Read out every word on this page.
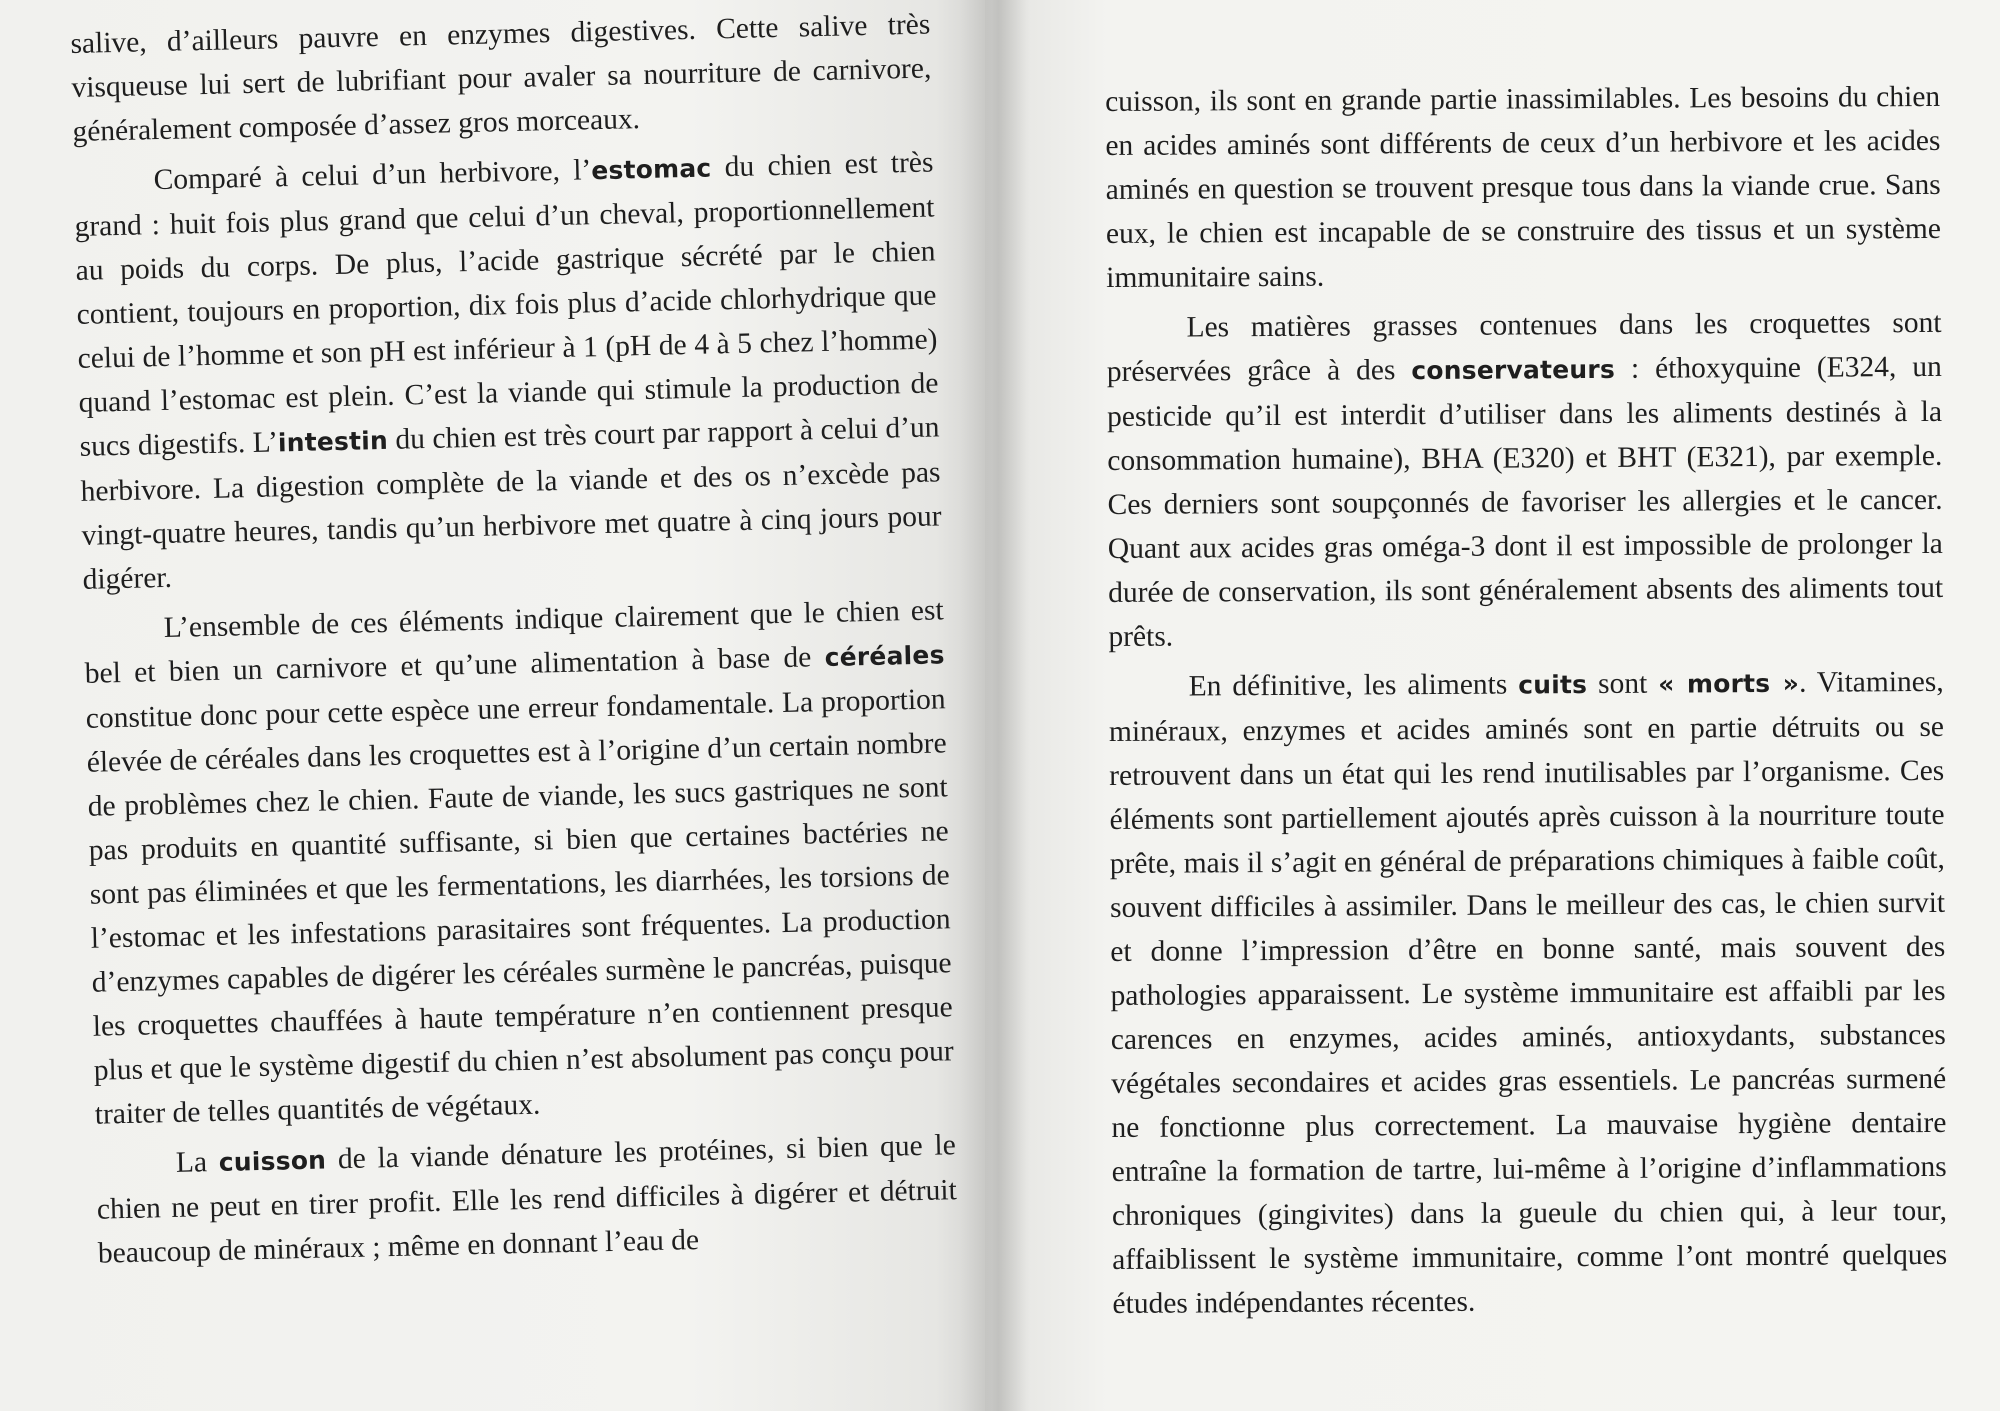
salive, d’ailleurs pauvre en enzymes digestives. Cette salive très visqueuse lui sert de lubrifiant pour avaler sa nourriture de carnivore, généralement composée d’assez gros morceaux.

Comparé à celui d’un herbivore, l’estomac du chien est très grand : huit fois plus grand que celui d’un cheval, proportionnellement au poids du corps. De plus, l’acide gastrique sécrété par le chien contient, toujours en proportion, dix fois plus d’acide chlorhydrique que celui de l’homme et son pH est inférieur à 1 (pH de 4 à 5 chez l’homme) quand l’estomac est plein. C’est la viande qui stimule la production de sucs digestifs. L’intestin du chien est très court par rapport à celui d’un herbivore. La digestion complète de la viande et des os n’excède pas vingt-quatre heures, tandis qu’un herbivore met quatre à cinq jours pour digérer.

L’ensemble de ces éléments indique clairement que le chien est bel et bien un carnivore et qu’une alimentation à base de céréales constitue donc pour cette espèce une erreur fondamentale. La proportion élevée de céréales dans les croquettes est à l’origine d’un certain nombre de problèmes chez le chien. Faute de viande, les sucs gastriques ne sont pas produits en quantité suffisante, si bien que certaines bactéries ne sont pas éliminées et que les fermentations, les diarrhées, les torsions de l’estomac et les infestations parasitaires sont fréquentes. La production d’enzymes capables de digérer les céréales surmène le pancréas, puisque les croquettes chauffées à haute température n’en contiennent presque plus et que le système digestif du chien n’est absolument pas conçu pour traiter de telles quantités de végétaux.

La cuisson de la viande dénature les protéines, si bien que le chien ne peut en tirer profit. Elle les rend difficiles à digérer et détruit beaucoup de minéraux ; même en donnant l’eau de

cuisson, ils sont en grande partie inassimilables. Les besoins du chien en acides aminés sont différents de ceux d’un herbivore et les acides aminés en question se trouvent presque tous dans la viande crue. Sans eux, le chien est incapable de se construire des tissus et un système immunitaire sains.

Les matières grasses contenues dans les croquettes sont préservées grâce à des conservateurs : éthoxyquine (E324, un pesticide qu’il est interdit d’utiliser dans les aliments destinés à la consommation humaine), BHA (E320) et BHT (E321), par exemple. Ces derniers sont soupçonnés de favoriser les allergies et le cancer. Quant aux acides gras oméga-3 dont il est impossible de prolonger la durée de conservation, ils sont généralement absents des aliments tout prêts.

En définitive, les aliments cuits sont « morts ». Vitamines, minéraux, enzymes et acides aminés sont en partie détruits ou se retrouvent dans un état qui les rend inutilisables par l’organisme. Ces éléments sont partiellement ajoutés après cuisson à la nourriture toute prête, mais il s’agit en général de préparations chimiques à faible coût, souvent difficiles à assimiler. Dans le meilleur des cas, le chien survit et donne l’impression d’être en bonne santé, mais souvent des pathologies apparaissent. Le système immunitaire est affaibli par les carences en enzymes, acides aminés, antioxydants, substances végétales secondaires et acides gras essentiels. Le pancréas surmené ne fonctionne plus correctement. La mauvaise hygiène dentaire entraîne la formation de tartre, lui-même à l’origine d’inflammations chroniques (gingivites) dans la gueule du chien qui, à leur tour, affaiblissent le système immunitaire, comme l’ont montré quelques études indépendantes récentes.
